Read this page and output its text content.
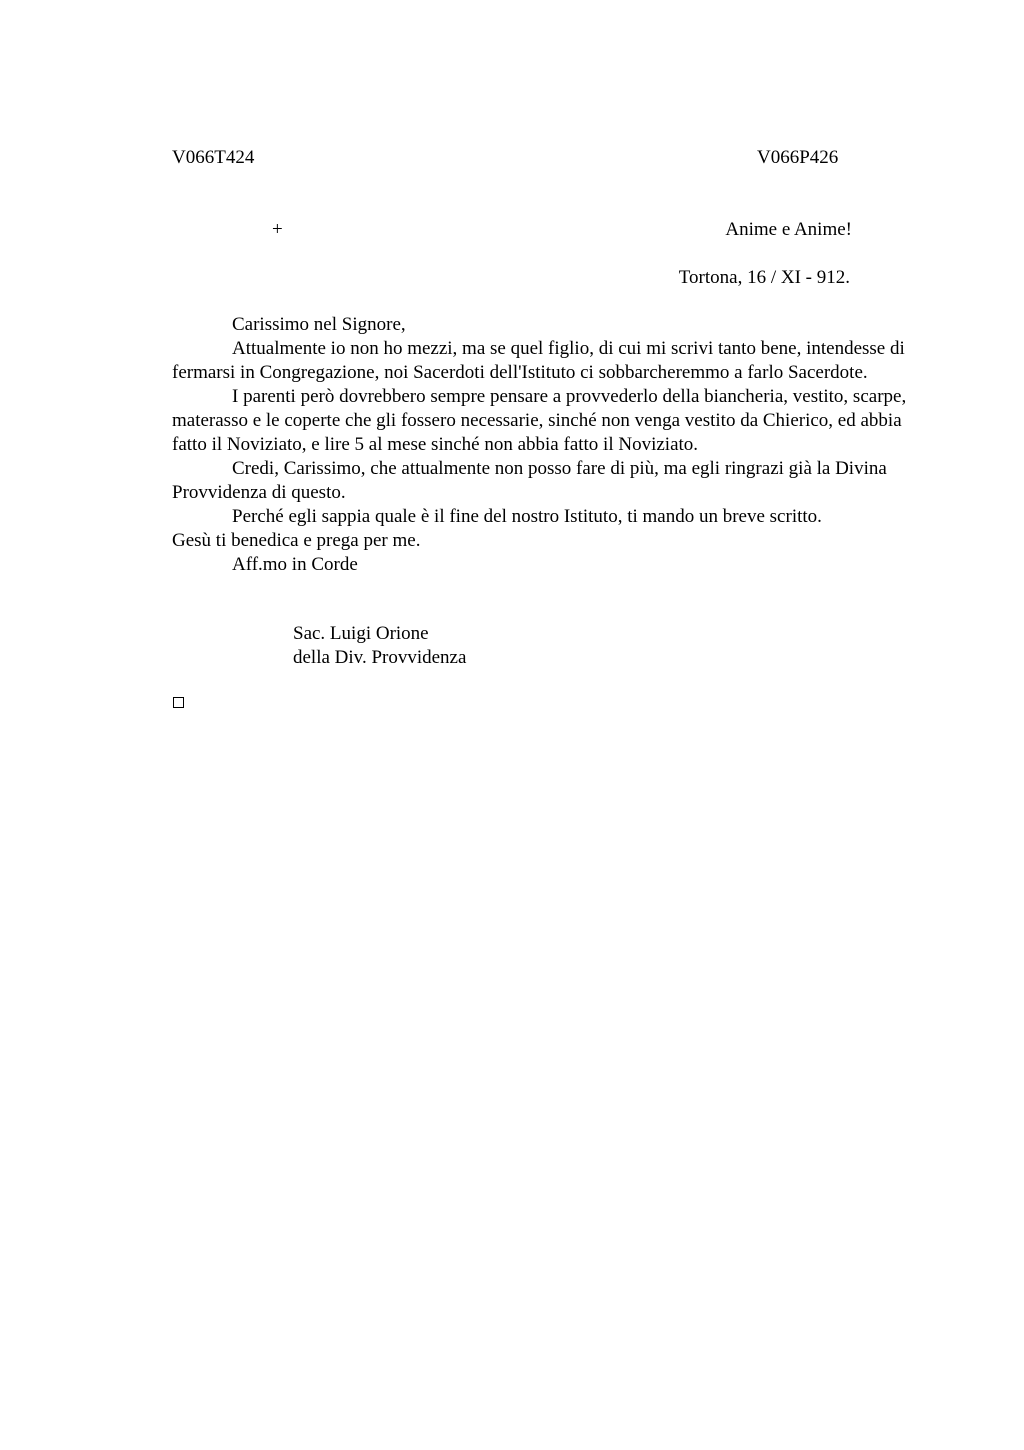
V066T424	V066P426
+	Anime e Anime!
Tortona, 16 / XI - 912.

Carissimo nel Signore,

Attualmente io non ho mezzi, ma se quel figlio, di cui mi scrivi tanto bene, intendesse di fermarsi in Congregazione, noi Sacerdoti dell'Istituto ci sobbarcheremmo a farlo Sacerdote.

I parenti però dovrebbero sempre pensare a provvederlo della biancheria, vestito, scarpe, materasso e le coperte che gli fossero necessarie, sinché non venga vestito da Chierico, ed abbia fatto il Noviziato, e lire 5 al mese sinché non abbia fatto il Noviziato.

Credi, Carissimo, che attualmente non posso fare di più, ma egli ringrazi già la Divina Provvidenza di questo.

Perché egli sappia quale è il fine del nostro Istituto, ti mando un breve scritto.

Gesù ti benedica e prega per me.

Aff.mo in Corde

Sac. Luigi Orione
della Div. Provvidenza
